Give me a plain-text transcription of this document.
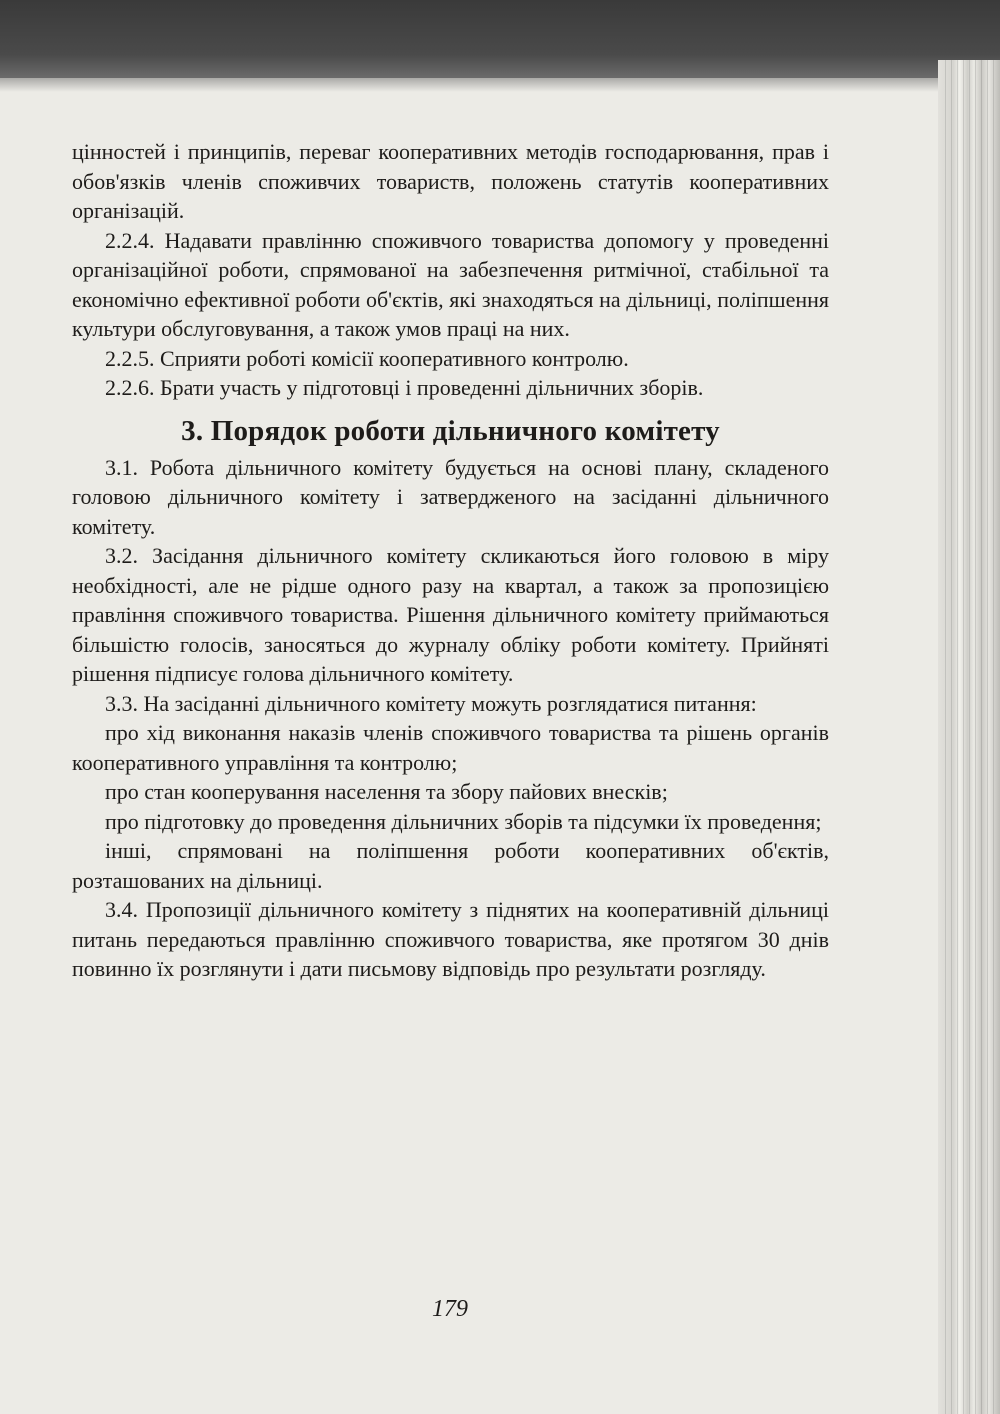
цінностей і принципів, переваг кооперативних методів господарювання, прав і обов'язків членів споживчих товариств, положень статутів кооперативних організацій.

2.2.4. Надавати правлінню споживчого товариства допомогу у проведенні організаційної роботи, спрямованої на забезпечення ритмічної, стабільної та економічно ефективної роботи об'єктів, які знаходяться на дільниці, поліпшення культури обслуговування, а також умов праці на них.

2.2.5. Сприяти роботі комісії кооперативного контролю.

2.2.6. Брати участь у підготовці і проведенні дільничних зборів.

3. Порядок роботи дільничного комітету

3.1. Робота дільничного комітету будується на основі плану, складеного головою дільничного комітету і затвердженого на засіданні дільничного комітету.

3.2. Засідання дільничного комітету скликаються його головою в міру необхідності, але не рідше одного разу на квартал, а також за пропозицією правління споживчого товариства. Рішення дільничного комітету приймаються більшістю голосів, заносяться до журналу обліку роботи комітету. Прийняті рішення підписує голова дільничного комітету.

3.3. На засіданні дільничного комітету можуть розглядатися питання:

про хід виконання наказів членів споживчого товариства та рішень органів кооперативного управління та контролю;

про стан кооперування населення та збору пайових внесків;

про підготовку до проведення дільничних зборів та підсумки їх проведення;

інші, спрямовані на поліпшення роботи кооперативних об'єктів, розташованих на дільниці.

3.4. Пропозиції дільничного комітету з піднятих на кооперативній дільниці питань передаються правлінню споживчого товариства, яке протягом 30 днів повинно їх розглянути і дати письмову відповідь про результати розгляду.

179
